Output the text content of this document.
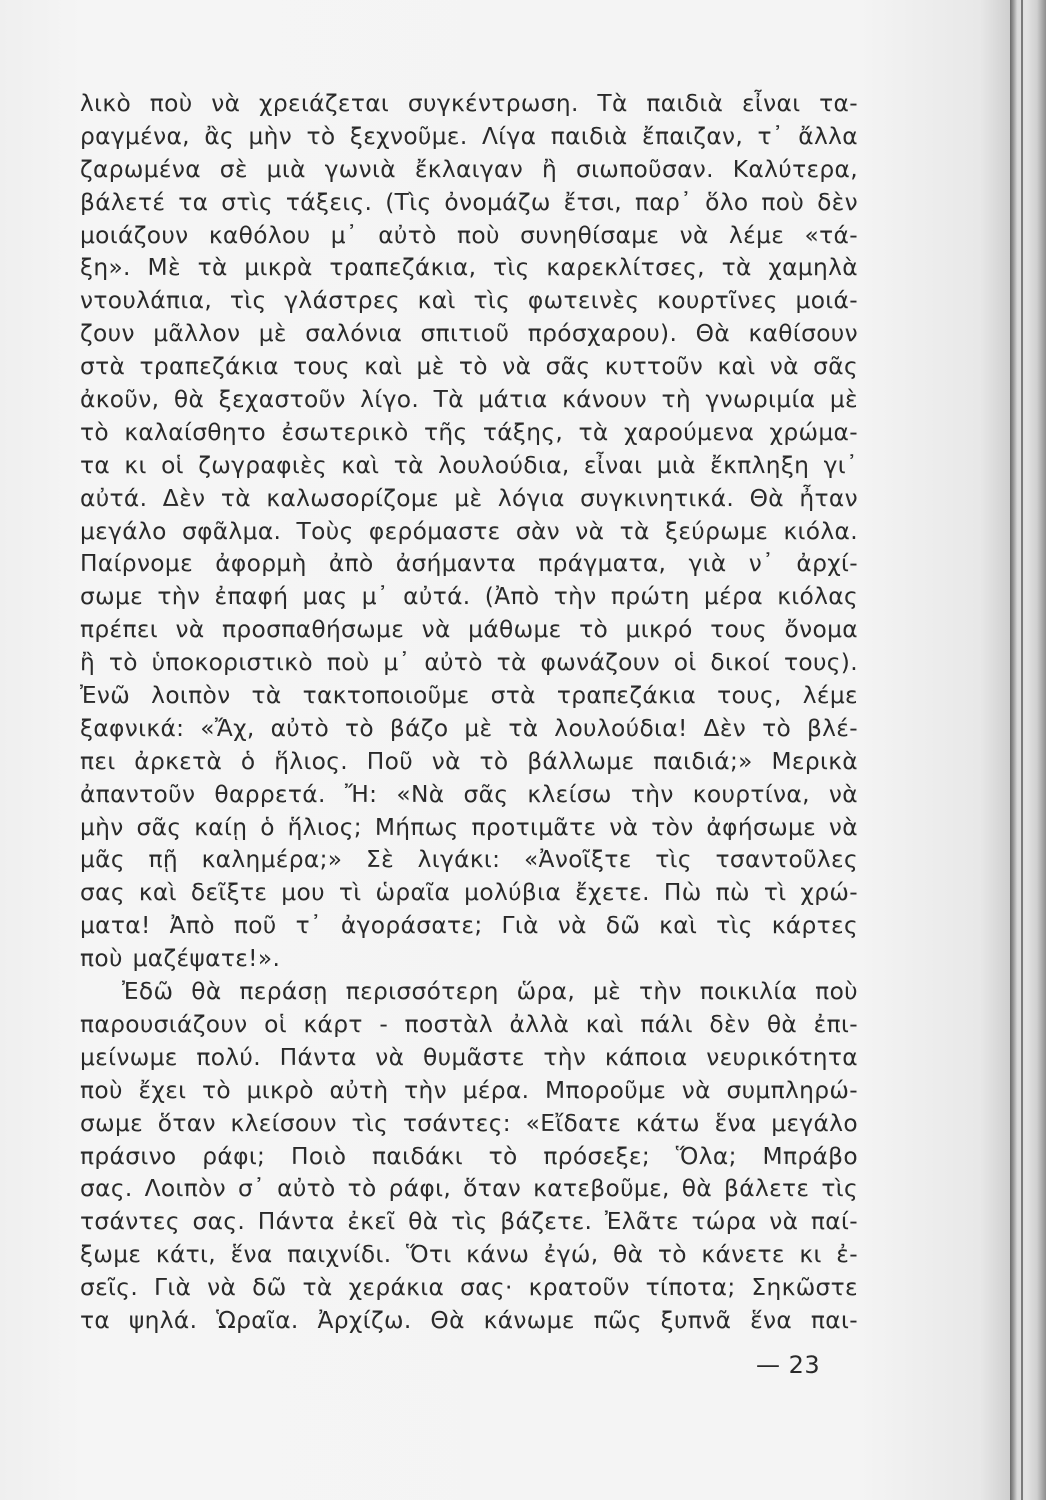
λικὸ ποὺ νὰ χρειάζεται συγκέντρωση. Τὰ παιδιὰ εἶναι τα-
ραγμένα, ἂς μὴν τὸ ξεχνοῦμε. Λίγα παιδιὰ ἔπαιζαν, τ᾽ ἄλλα
ζαρωμένα σὲ μιὰ γωνιὰ ἔκλαιγαν ἢ σιωποῦσαν. Καλύτερα,
βάλετέ τα στὶς τάξεις. (Τὶς ὀνομάζω ἔτσι, παρ᾽ ὅλο ποὺ δὲν
μοιάζουν καθόλου μ᾽ αὐτὸ ποὺ συνηθίσαμε νὰ λέμε «τά-
ξη». Μὲ τὰ μικρὰ τραπεζάκια, τὶς καρεκλίτσες, τὰ χαμηλὰ
ντουλάπια, τὶς γλάστρες καὶ τὶς φωτεινὲς κουρτῖνες μοιά-
ζουν μᾶλλον μὲ σαλόνια σπιτιοῦ πρόσχαρου). Θὰ καθίσουν
στὰ τραπεζάκια τους καὶ μὲ τὸ νὰ σᾶς κυττοῦν καὶ νὰ σᾶς
ἀκοῦν, θὰ ξεχαστοῦν λίγο. Τὰ μάτια κάνουν τὴ γνωριμία μὲ
τὸ καλαίσθητο ἐσωτερικὸ τῆς τάξης, τὰ χαρούμενα χρώμα-
τα κι οἱ ζωγραφιὲς καὶ τὰ λουλούδια, εἶναι μιὰ ἔκπληξη γι᾽
αὐτά. Δὲν τὰ καλωσορίζομε μὲ λόγια συγκινητικά. Θὰ ἦταν
μεγάλο σφᾶλμα. Τοὺς φερόμαστε σὰν νὰ τὰ ξεύρωμε κιόλα.
Παίρνομε ἀφορμὴ ἀπὸ ἀσήμαντα πράγματα, γιὰ ν᾽ ἀρχί-
σωμε τὴν ἐπαφή μας μ᾽ αὐτά. (Ἀπὸ τὴν πρώτη μέρα κιόλας
πρέπει νὰ προσπαθήσωμε νὰ μάθωμε τὸ μικρό τους ὄνομα
ἢ τὸ ὑποκοριστικὸ ποὺ μ᾽ αὐτὸ τὰ φωνάζουν οἱ δικοί τους).
Ἐνῶ λοιπὸν τὰ τακτοποιοῦμε στὰ τραπεζάκια τους, λέμε
ξαφνικά: «Ἄχ, αὐτὸ τὸ βάζο μὲ τὰ λουλούδια! Δὲν τὸ βλέ-
πει ἀρκετὰ ὁ ἥλιος. Ποῦ νὰ τὸ βάλλωμε παιδιά;» Μερικὰ
ἀπαντοῦν θαρρετά. Ἤ: «Νὰ σᾶς κλείσω τὴν κουρτίνα, νὰ
μὴν σᾶς καίῃ ὁ ἥλιος; Μήπως προτιμᾶτε νὰ τὸν ἀφήσωμε νὰ
μᾶς πῇ καλημέρα;» Σὲ λιγάκι: «Ἀνοῖξτε τὶς τσαντοῦλες
σας καὶ δεῖξτε μου τὶ ὡραῖα μολύβια ἔχετε. Πὼ πὼ τὶ χρώ-
ματα! Ἀπὸ ποῦ τ᾽ ἀγοράσατε; Γιὰ νὰ δῶ καὶ τὶς κάρτες
ποὺ μαζέψατε!».
Ἐδῶ θὰ περάσῃ περισσότερη ὥρα, μὲ τὴν ποικιλία ποὺ
παρουσιάζουν οἱ κάρτ - ποστὰλ ἀλλὰ καὶ πάλι δὲν θὰ ἐπι-
μείνωμε πολύ. Πάντα νὰ θυμᾶστε τὴν κάποια νευρικότητα
ποὺ ἔχει τὸ μικρὸ αὐτὴ τὴν μέρα. Μποροῦμε νὰ συμπληρώ-
σωμε ὅταν κλείσουν τὶς τσάντες: «Εἴδατε κάτω ἕνα μεγάλο
πράσινο ράφι; Ποιὸ παιδάκι τὸ πρόσεξε; Ὅλα; Μπράβο
σας. Λοιπὸν σ᾽ αὐτὸ τὸ ράφι, ὅταν κατεβοῦμε, θὰ βάλετε τὶς
τσάντες σας. Πάντα ἐκεῖ θὰ τὶς βάζετε. Ἐλᾶτε τώρα νὰ παί-
ξωμε κάτι, ἕνα παιχνίδι. Ὅτι κάνω ἐγώ, θὰ τὸ κάνετε κι ἐ-
σεῖς. Γιὰ νὰ δῶ τὰ χεράκια σας· κρατοῦν τίποτα; Σηκῶστε
τα ψηλά. Ὡραῖα. Ἀρχίζω. Θὰ κάνωμε πῶς ξυπνᾶ ἕνα παι-
— 23
